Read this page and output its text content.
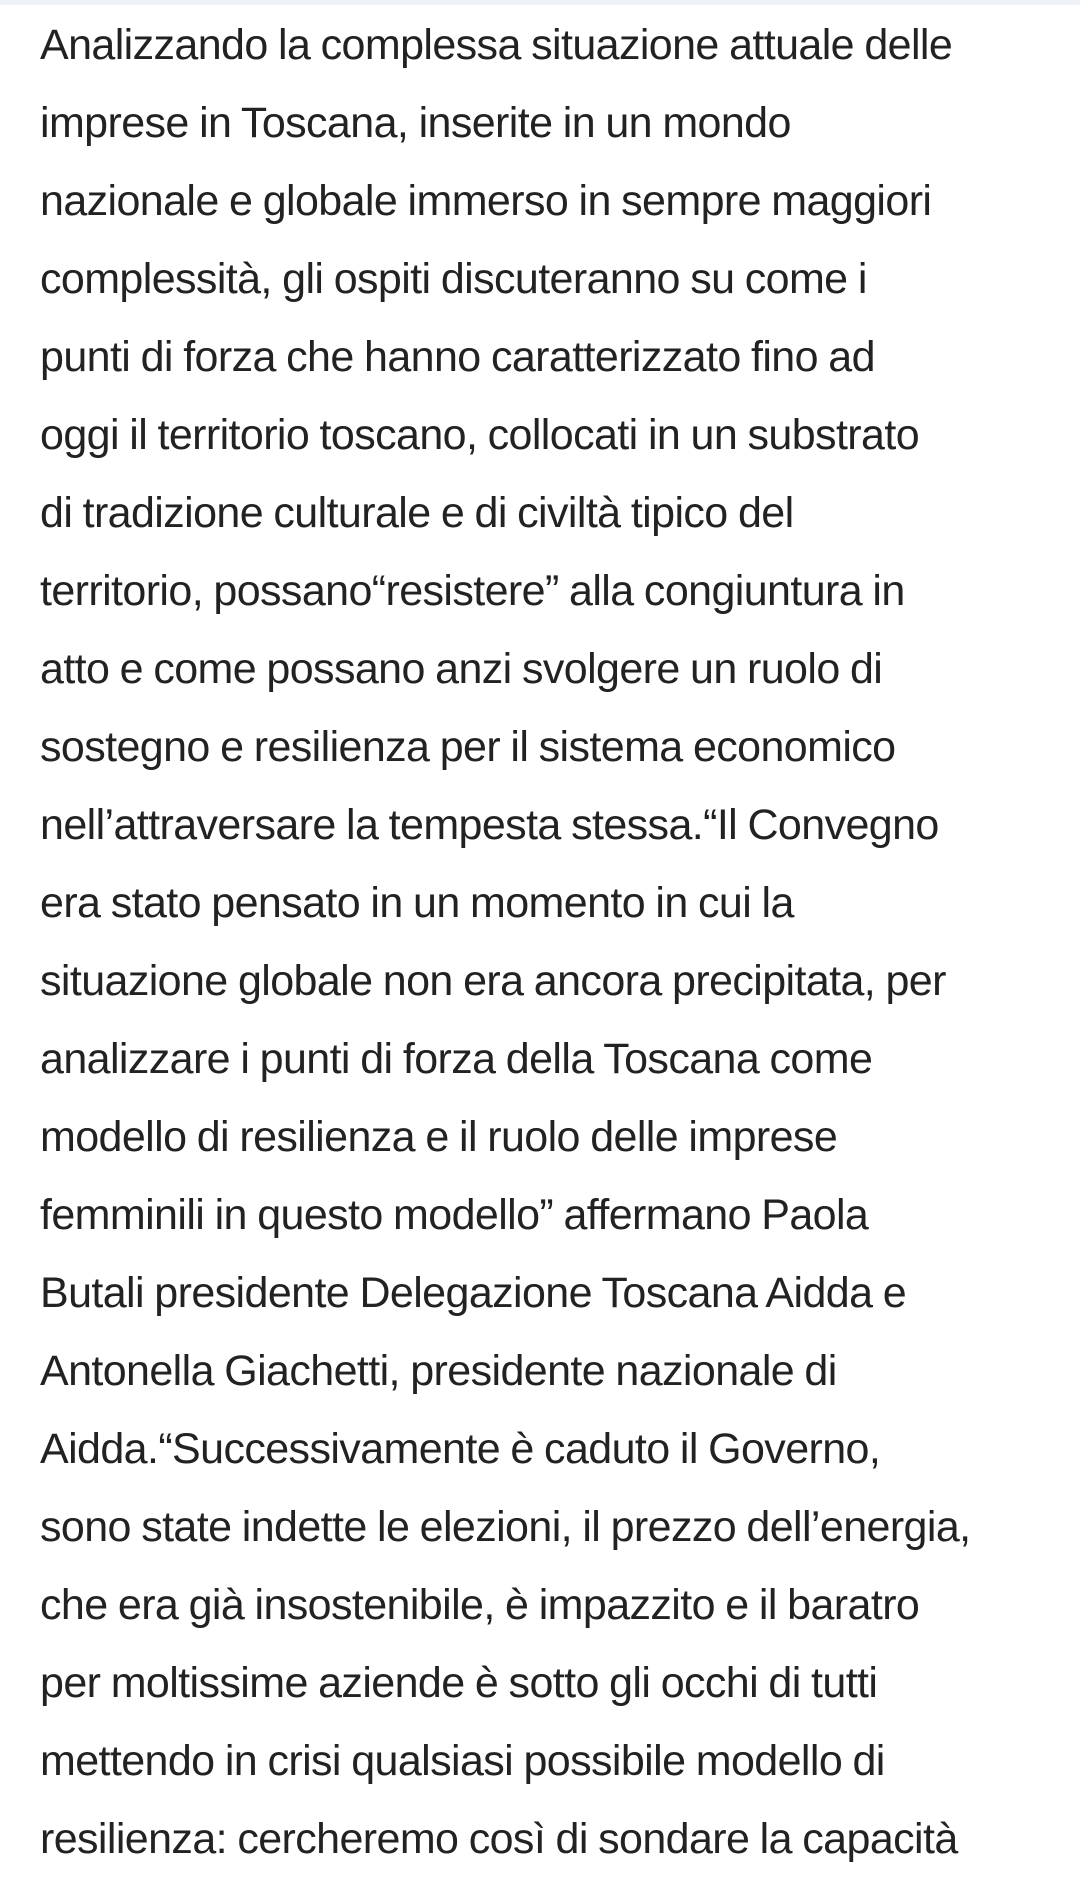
Analizzando la complessa situazione attuale delle
imprese in Toscana, inserite in un mondo
nazionale e globale immerso in sempre maggiori
complessità, gli ospiti discuteranno su come i
punti di forza che hanno caratterizzato fino ad
oggi il territorio toscano, collocati in un substrato
di tradizione culturale e di civiltà tipico del
territorio, possano“resistere” alla congiuntura in
atto e come possano anzi svolgere un ruolo di
sostegno e resilienza per il sistema economico
nell’attraversare la tempesta stessa.“Il Convegno
era stato pensato in un momento in cui la
situazione globale non era ancora precipitata, per
analizzare i punti di forza della Toscana come
modello di resilienza e il ruolo delle imprese
femminili in questo modello” affermano Paola
Butali presidente Delegazione Toscana Aidda e
Antonella Giachetti, presidente nazionale di
Aidda.“Successivamente è caduto il Governo,
sono state indette le elezioni, il prezzo dell’energia,
che era già insostenibile, è impazzito e il baratro
per moltissime aziende è sotto gli occhi di tutti
mettendo in crisi qualsiasi possibile modello di
resilienza: cercheremo così di sondare la capacità
